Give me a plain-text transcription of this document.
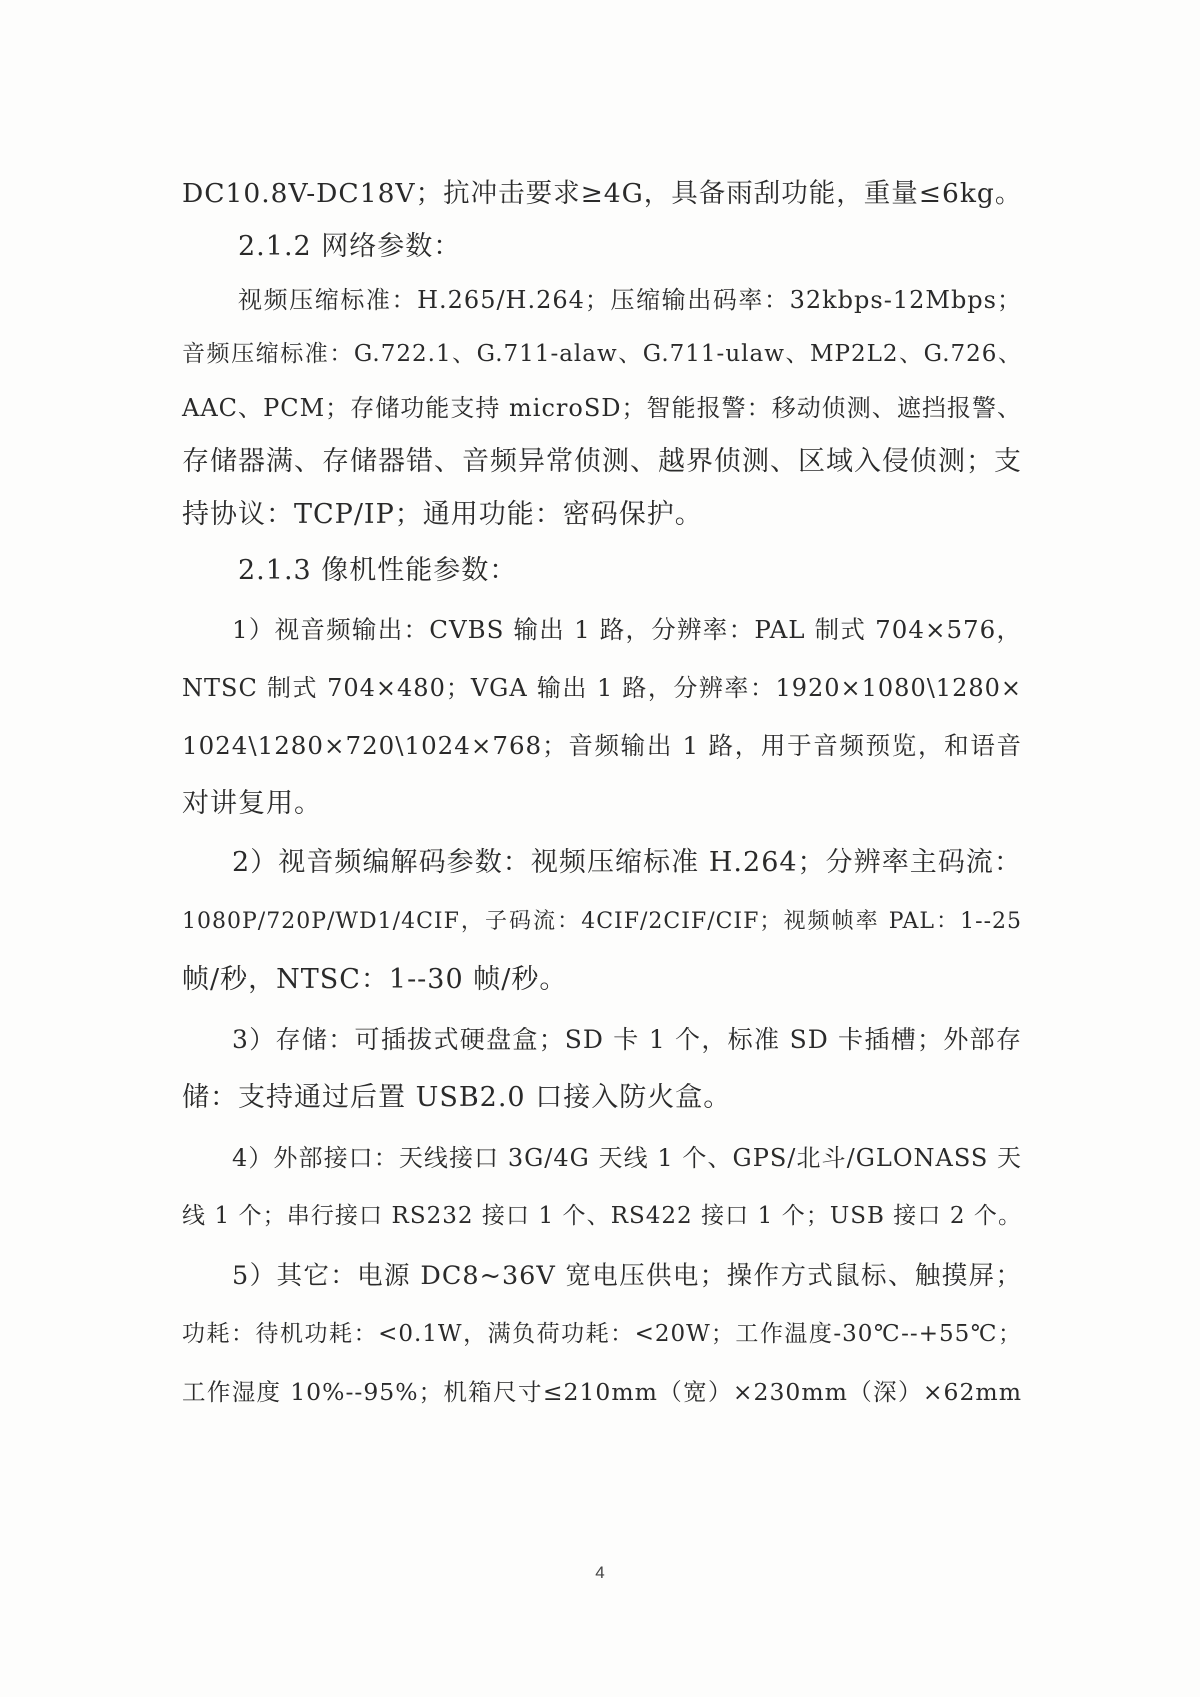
DC10.8V-DC18V；抗冲击要求≥4G，具备雨刮功能，重量≤6kg。
2.1.2 网络参数：
视频压缩标准：H.265/H.264；压缩输出码率：32kbps-12Mbps；
音频压缩标准：G.722.1、G.711-alaw、G.711-ulaw、MP2L2、G.726、
AAC、PCM；存储功能支持 microSD；智能报警：移动侦测、遮挡报警、
存储器满、存储器错、音频异常侦测、越界侦测、区域入侵侦测；支
持协议：TCP/IP；通用功能：密码保护。
2.1.3 像机性能参数：
1）视音频输出：CVBS 输出 1 路，分辨率：PAL 制式 704×576，
NTSC 制式 704×480；VGA 输出 1 路，分辨率：1920×1080\1280×
1024\1280×720\1024×768；音频输出 1 路，用于音频预览，和语音
对讲复用。
2）视音频编解码参数：视频压缩标准 H.264；分辨率主码流：
1080P/720P/WD1/4CIF，子码流：4CIF/2CIF/CIF；视频帧率 PAL：1--25
帧/秒，NTSC：1--30 帧/秒。
3）存储：可插拔式硬盘盒；SD 卡 1 个，标准 SD 卡插槽；外部存
储：支持通过后置 USB2.0 口接入防火盒。
4）外部接口：天线接口 3G/4G 天线 1 个、GPS/北斗/GLONASS 天
线 1 个；串行接口 RS232 接口 1 个、RS422 接口 1 个；USB 接口 2 个。
5）其它：电源 DC8~36V 宽电压供电；操作方式鼠标、触摸屏；
功耗：待机功耗：<0.1W，满负荷功耗：<20W；工作温度-30℃--+55℃；
工作湿度 10%--95%；机箱尺寸≤210mm（宽）×230mm（深）×62mm
4
